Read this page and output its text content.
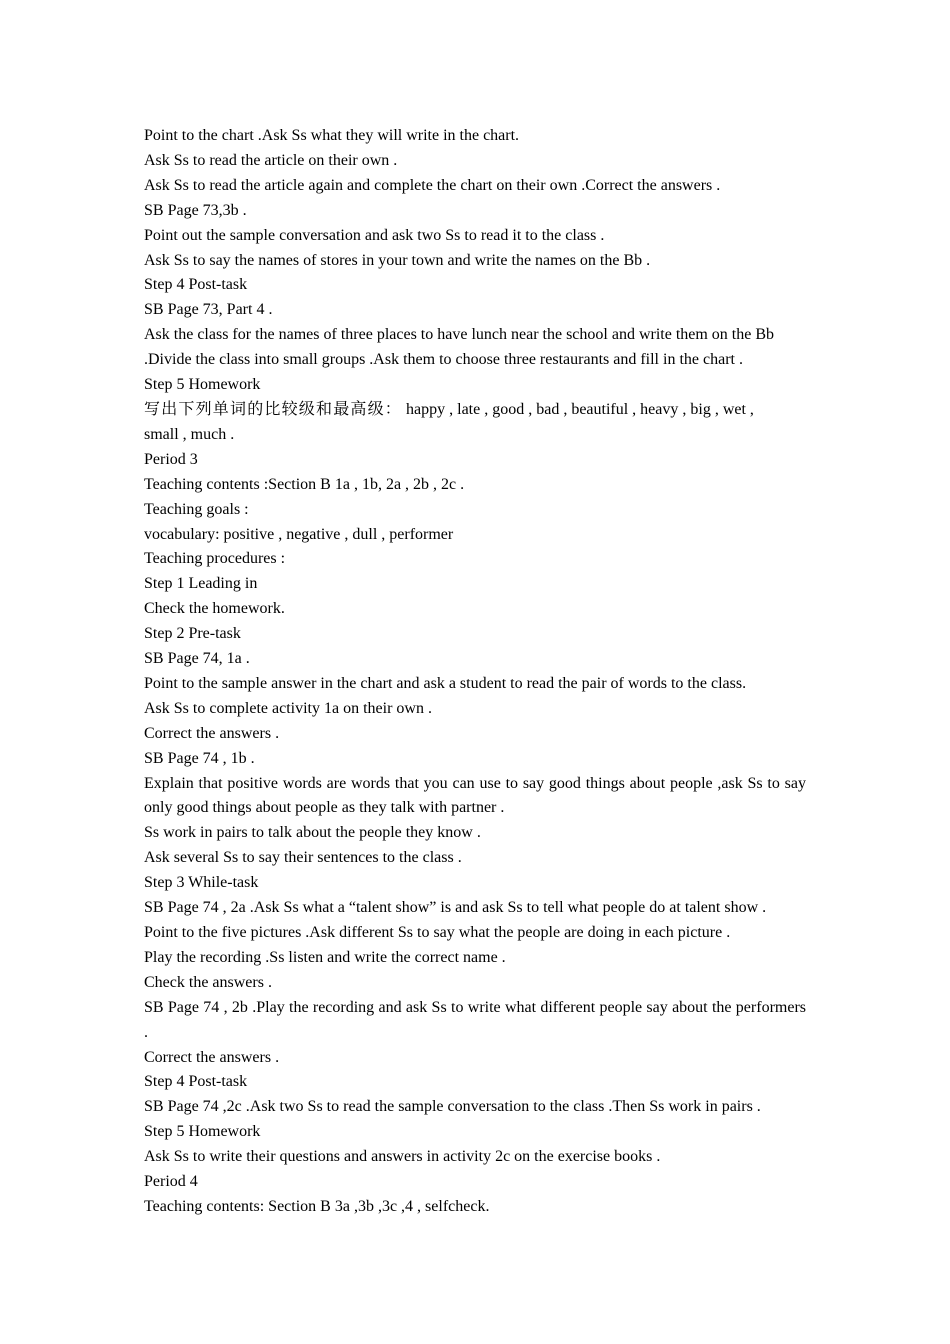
Point to the chart .Ask Ss what they will write in the chart.

Ask Ss to read the article on their own .

Ask Ss to read the article again and complete the chart on their own .Correct the answers .

SB Page 73,3b .

Point out the sample conversation and ask two Ss to read it to the class .

Ask Ss to say the names of stores in your town and write the names on the Bb .

Step 4 Post-task

SB Page 73, Part 4 .

Ask the class for the names of three places to have lunch near the school and write them on the Bb .Divide the class into small groups .Ask them to choose three restaurants and fill in the chart .

Step 5 Homework

写出下列单词的比较级和最高级： happy , late , good , bad , beautiful , heavy , big , wet ,

small , much .

Period 3

Teaching contents :Section B 1a , 1b, 2a , 2b , 2c .

Teaching goals :

vocabulary: positive , negative , dull , performer

Teaching procedures :

Step 1 Leading in

Check the homework.

Step 2 Pre-task

SB Page 74, 1a .

Point to the sample answer in the chart and ask a student to read the pair of words to the class.

Ask Ss to complete activity 1a on their own .

Correct the answers .

SB Page 74 , 1b .

Explain that positive words are words that you can use to say good things about people ,ask Ss to say only good things about people as they talk with partner .

Ss work in pairs to talk about the people they know .

Ask several Ss to say their sentences to the class .

Step 3 While-task

SB Page 74 , 2a .Ask Ss what a “talent show” is and ask Ss to tell what people do at talent show .

Point to the five pictures .Ask different Ss to say what the people are doing in each picture .

Play the recording .Ss listen and write the correct name .

Check the answers .

SB Page 74 , 2b .Play the recording and ask Ss to write what different people say about the performers .

Correct the answers .

Step 4 Post-task

SB Page 74 ,2c .Ask two Ss to read the sample conversation to the class .Then Ss work in pairs .

Step 5 Homework

Ask Ss to write their questions and answers in activity 2c on the exercise books .

Period 4

Teaching contents: Section B 3a ,3b ,3c ,4 , selfcheck.
